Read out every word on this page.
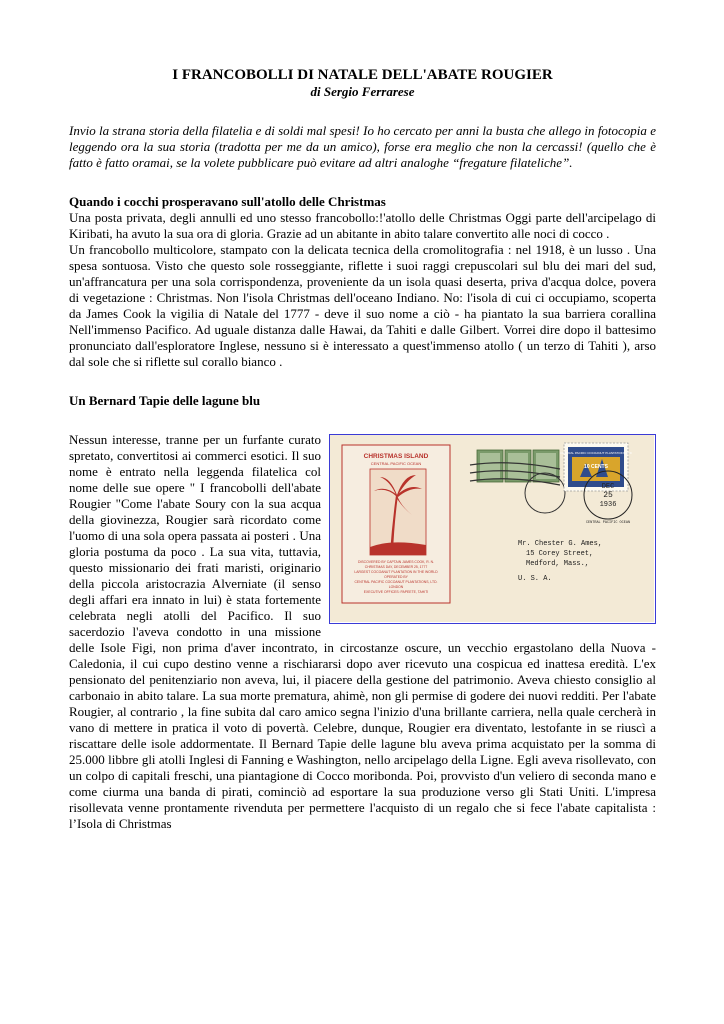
I FRANCOBOLLI DI NATALE DELL'ABATE ROUGIER
di Sergio Ferrarese

Invio la strana storia della filatelia e di soldi mal spesi! Io ho cercato per anni la busta che allego in fotocopia e leggendo ora la sua storia (tradotta per me da un amico), forse era meglio che non la cercassi! (quello che è fatto è fatto oramai, se la volete pubblicare può evitare ad altri analoghe “fregature filateliche”.

Quando i cocchi prosperavano sull'atollo delle Christmas

Una posta privata, degli annulli ed uno stesso francobollo:!'atollo delle Christmas Oggi parte dell'arcipelago di Kiribati, ha avuto la sua ora di gloria. Grazie ad un abitante in abito talare convertito alle noci di cocco .

Un francobollo multicolore, stampato con la delicata tecnica della cromolitografia : nel 1918, è un lusso . Una spesa sontuosa. Visto che questo sole rosseggiante, riflette i suoi raggi crepuscolari sul blu dei mari del sud, un'affrancatura per una sola corrispondenza, proveniente da un isola quasi deserta, priva d'acqua dolce, povera di vegetazione : Christmas. Non l'isola Christmas dell'oceano Indiano. No: l'isola di cui ci occupiamo, scoperta da James Cook la vigilia di Natale del 1777 - deve il suo nome a ciò - ha piantato la sua barriera corallina Nell'immenso Pacifico. Ad uguale distanza dalle Hawai, da Tahiti e dalle Gilbert. Vorrei dire dopo il battesimo pronunciato dall'esploratore Inglese, nessuno si è interessato a quest'immenso atollo ( un terzo di Tahiti ), arso dal sole che si riflette sul corallo bianco .

Un Bernard Tapie delle lagune blu
CHRISTMAS ISLAND
CENTRAL PACIFIC OCEAN
DISCOVERED BY CAPTAIN JAMES COOK, R. N.
CHRISTMAS DAY, DECEMBER 25, 1777
LARGEST COCOANUT PLANTATION IN THE WORLD
OPERATED BY
CENTRAL PACIFIC COCOANUT PLANTATIONS, LTD.
LONDON
EXECUTIVE OFFICES: PAPEETE, TAHITI
CENTRAL PACIFIC COCOANUT PLANTATIONS LTD
10 CENTS
DEC
25
1936
CENTRAL PACIFIC OCEAN
Mr. Chester G. Ames,
15 Corey Street,
Medford, Mass.,
U. S. A.

Nessun interesse, tranne per un furfante curato spretato, convertitosi ai commerci esotici. Il suo nome è entrato nella leggenda filatelica col nome delle sue opere " I francobolli dell'abate Rougier "Come l'abate Soury con la sua acqua della giovinezza, Rougier sarà ricordato come l'uomo di una sola opera passata ai posteri . Una gloria postuma da poco . La sua vita, tuttavia, questo missionario dei frati maristi, originario della piccola aristocrazia Alverniate (il senso degli affari era innato in lui) è stata fortemente celebrata negli atolli del Pacifico. Il suo sacerdozio l'aveva condotto in una missione delle Isole Figi, non prima d'aver incontrato, in circostanze oscure, un vecchio ergastolano della Nuova - Caledonia, il cui cupo destino venne a rischiararsi dopo aver ricevuto una cospicua ed inattesa eredità. L'ex pensionato del penitenziario non aveva, lui, il piacere della gestione del patrimonio. Aveva chiesto consiglio al carbonaio in abito talare. La sua morte prematura, ahimè, non gli permise di godere dei nuovi redditi. Per l'abate Rougier, al contrario , la fine subita dal caro amico segna l'inizio d'una brillante carriera, nella quale cercherà in vano di mettere in pratica il voto di povertà. Celebre, dunque, Rougier era diventato, lestofante in se riuscì a riscattare delle isole addormentate. Il Bernard Tapie delle lagune blu aveva prima acquistato per la somma di 25.000 libbre gli atolli Inglesi di Fanning e Washington, nello arcipelago della Ligne. Egli aveva risollevato, con un colpo di capitali freschi, una piantagione di Cocco moribonda. Poi, provvisto d'un veliero di seconda mano e come ciurma una banda di pirati, cominciò ad esportare la sua produzione verso gli Stati Uniti. L'impresa risollevata venne prontamente rivenduta per permettere l'acquisto di un regalo che si fece l'abate capitalista : l’Isola di Christmas
